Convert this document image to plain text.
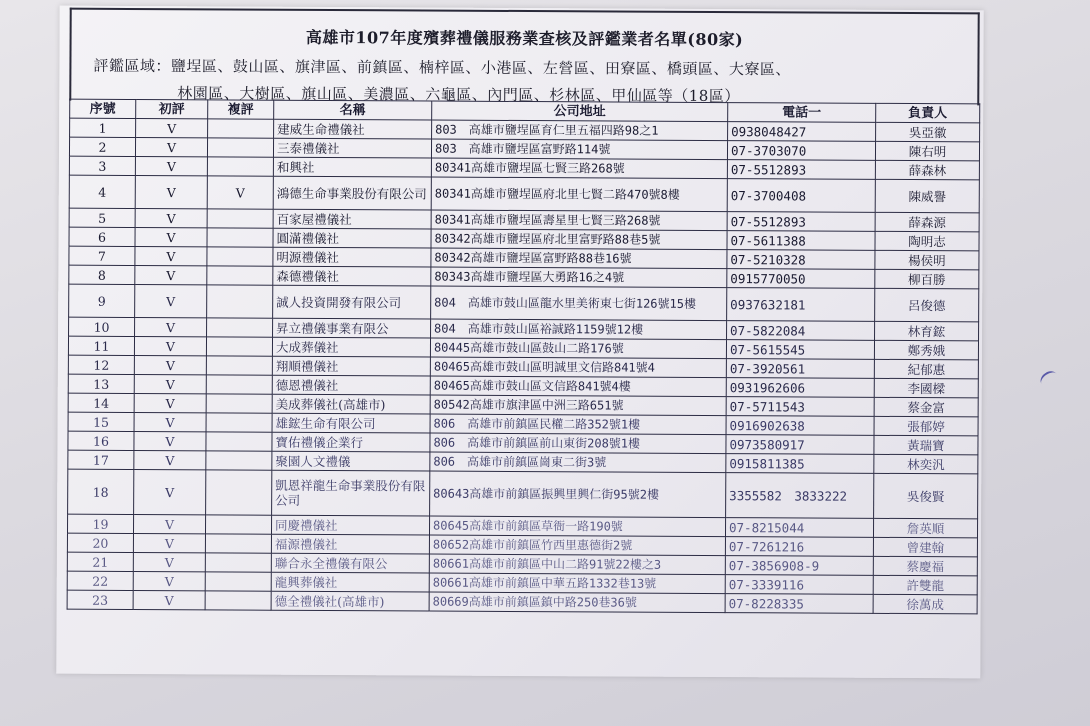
高雄市107年度殯葬禮儀服務業查核及評鑑業者名單(80家)
評鑑區域：鹽埕區、鼓山區、旗津區、前鎮區、楠梓區、小港區、左營區、田寮區、橋頭區、大寮區、
林園區、大樹區、旗山區、美濃區、六龜區、內門區、杉林區、甲仙區等（18區）
序號	初評	複評	名稱	公司地址	電話一	負責人
1	V		建威生命禮儀社	803　高雄市鹽埕區育仁里五福四路98之1	0938048427	吳亞徽
2	V		三泰禮儀社	803　高雄市鹽埕區富野路114號	07-3703070	陳右明
3	V		和興社	80341高雄市鹽埕區七賢三路268號	07-5512893	薛森林
4	V	V	鴻德生命事業股份有限公司	80341高雄市鹽埕區府北里七賢二路470號8樓	07-3700408	陳威譽
5	V		百家屋禮儀社	80341高雄市鹽埕區壽星里七賢三路268號	07-5512893	薛森源
6	V		圓滿禮儀社	80342高雄市鹽埕區府北里富野路88巷5號	07-5611388	陶明志
7	V		明源禮儀社	80342高雄市鹽埕區富野路88巷16號	07-5210328	楊侯明
8	V		森德禮儀社	80343高雄市鹽埕區大勇路16之4號	0915770050	柳百勝
9	V		誠人投資開發有限公司	804　高雄市鼓山區龍水里美術東七街126號15樓	0937632181	呂俊德
10	V		昇立禮儀事業有限公	804　高雄市鼓山區裕誠路1159號12樓	07-5822084	林育鋐
11	V		大成葬儀社	80445高雄市鼓山區鼓山二路176號	07-5615545	鄭秀娥
12	V		翔順禮儀社	80465高雄市鼓山區明誠里文信路841號4	07-3920561	紀郁惠
13	V		德恩禮儀社	80465高雄市鼓山區文信路841號4樓	0931962606	李國樑
14	V		美成葬儀社(高雄市)	80542高雄市旗津區中洲三路651號	07-5711543	蔡金富
15	V		雄鋐生命有限公司	806　高雄市前鎮區民權二路352號1樓	0916902638	張郁婷
16	V		寶佑禮儀企業行	806　高雄市前鎮區前山東街208號1樓	0973580917	黃瑞寶
17	V		聚園人文禮儀	806　高雄市前鎮區崗東二街3號	0915811385	林奕汎
18	V		凱恩祥龍生命事業股份有限公司	80643高雄市前鎮區振興里興仁街95號2樓	3355582　3833222	吳俊賢
19	V		同慶禮儀社	80645高雄市前鎮區草衙一路190號	07-8215044	詹英順
20	V		福源禮儀社	80652高雄市前鎮區竹西里惠德街2號	07-7261216	曾建翰
21	V		聯合永全禮儀有限公	80661高雄市前鎮區中山二路91號22樓之3	07-3856908-9	蔡慶福
22	V		龍興葬儀社	80661高雄市前鎮區中華五路1332巷13號	07-3339116	許雙龍
23	V		德全禮儀社(高雄市)	80669高雄市前鎮區鎮中路250巷36號	07-8228335	徐萬成
